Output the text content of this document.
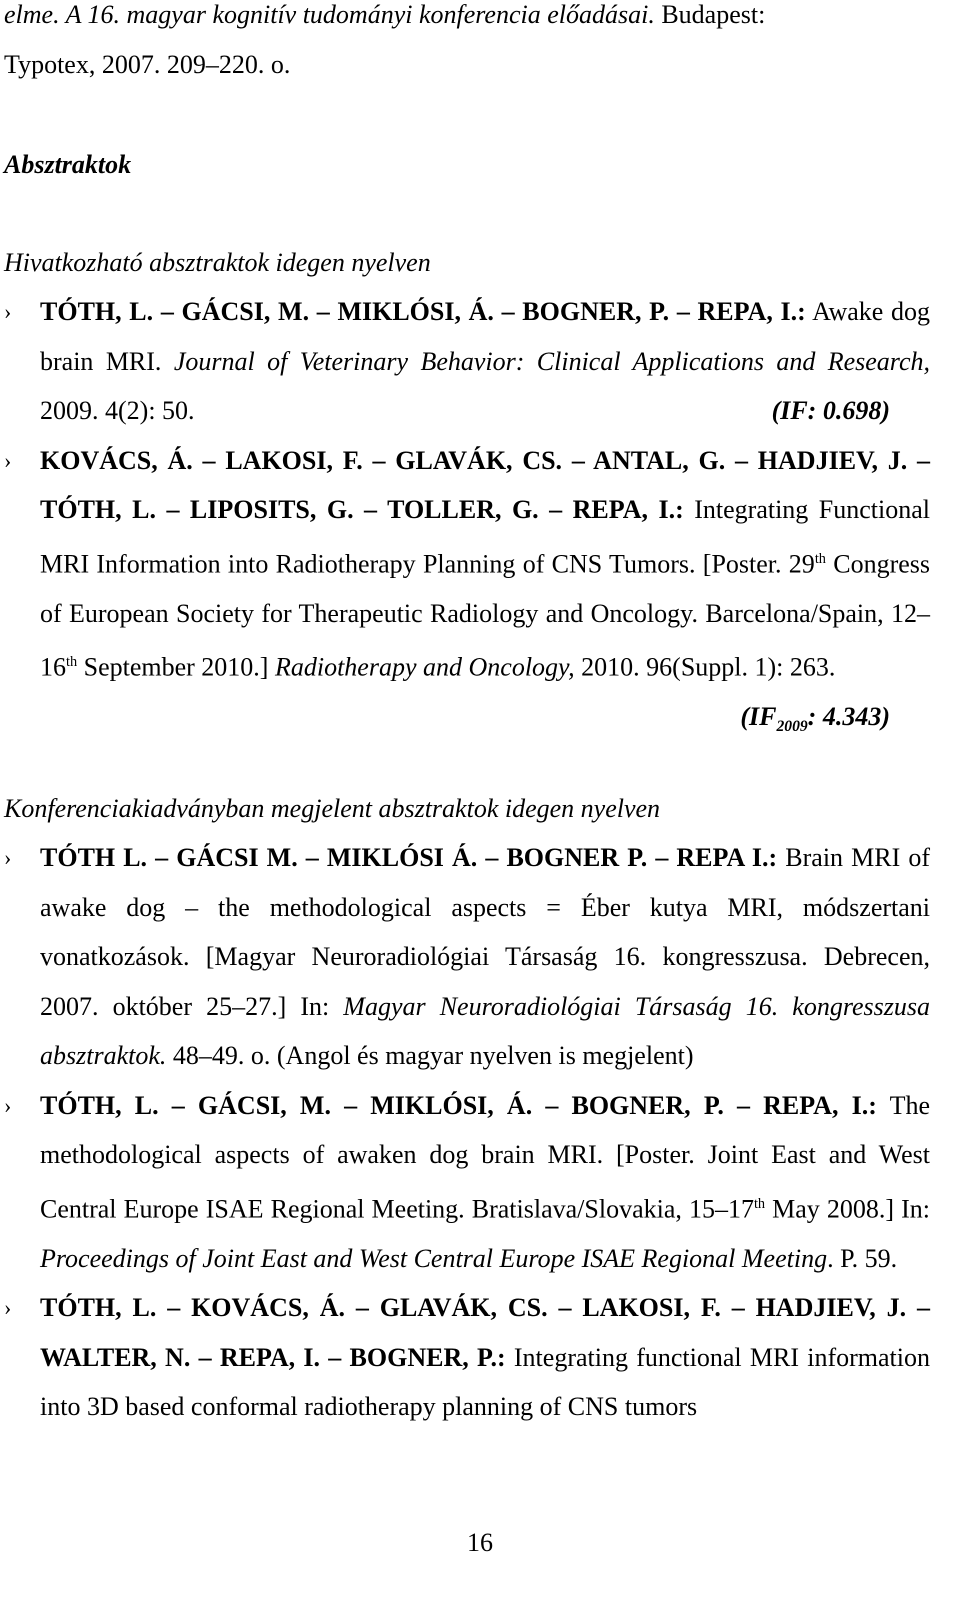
elme. A 16. magyar kognitív tudományi konferencia előadásai. Budapest:
Typotex, 2007. 209–220. o.
Absztraktok
Hivatkozható absztraktok idegen nyelven
› TÓTH, L. – GÁCSI, M. – MIKLÓSI, Á. – BOGNER, P. – REPA, I.: Awake dog brain MRI. Journal of Veterinary Behavior: Clinical Applications and Research, 2009. 4(2): 50.	(IF: 0.698)
› KOVÁCS, Á. – LAKOSI, F. – GLAVÁK, CS. – ANTAL, G. – HADJIEV, J. – TÓTH, L. – LIPOSITS, G. – TOLLER, G. – REPA, I.: Integrating Functional MRI Information into Radiotherapy Planning of CNS Tumors. [Poster. 29th Congress of European Society for Therapeutic Radiology and Oncology. Barcelona/Spain, 12–16th September 2010.] Radiotherapy and Oncology, 2010. 96(Suppl. 1): 263.
($IF_{2009}$: 4.343)
Konferenciakiadványban megjelent absztraktok idegen nyelven
› TÓTH L. – GÁCSI M. – MIKLÓSI Á. – BOGNER P. – REPA I.: Brain MRI of awake dog – the methodological aspects = Éber kutya MRI, módszertani vonatkozások. [Magyar Neuroradiológiai Társaság 16. kongresszusa. Debrecen, 2007. október 25–27.] In: Magyar Neuroradiológiai Társaság 16. kongresszusa absztraktok. 48–49. o. (Angol és magyar nyelven is megjelent)
› TÓTH, L. – GÁCSI, M. – MIKLÓSI, Á. – BOGNER, P. – REPA, I.: The methodological aspects of awaken dog brain MRI. [Poster. Joint East and West Central Europe ISAE Regional Meeting. Bratislava/Slovakia, 15–17th May 2008.] In: Proceedings of Joint East and West Central Europe ISAE Regional Meeting. P. 59.
› TÓTH, L. – KOVÁCS, Á. – GLAVÁK, CS. – LAKOSI, F. – HADJIEV, J. – WALTER, N. – REPA, I. – BOGNER, P.: Integrating functional MRI information into 3D based conformal radiotherapy planning of CNS tumors
16
